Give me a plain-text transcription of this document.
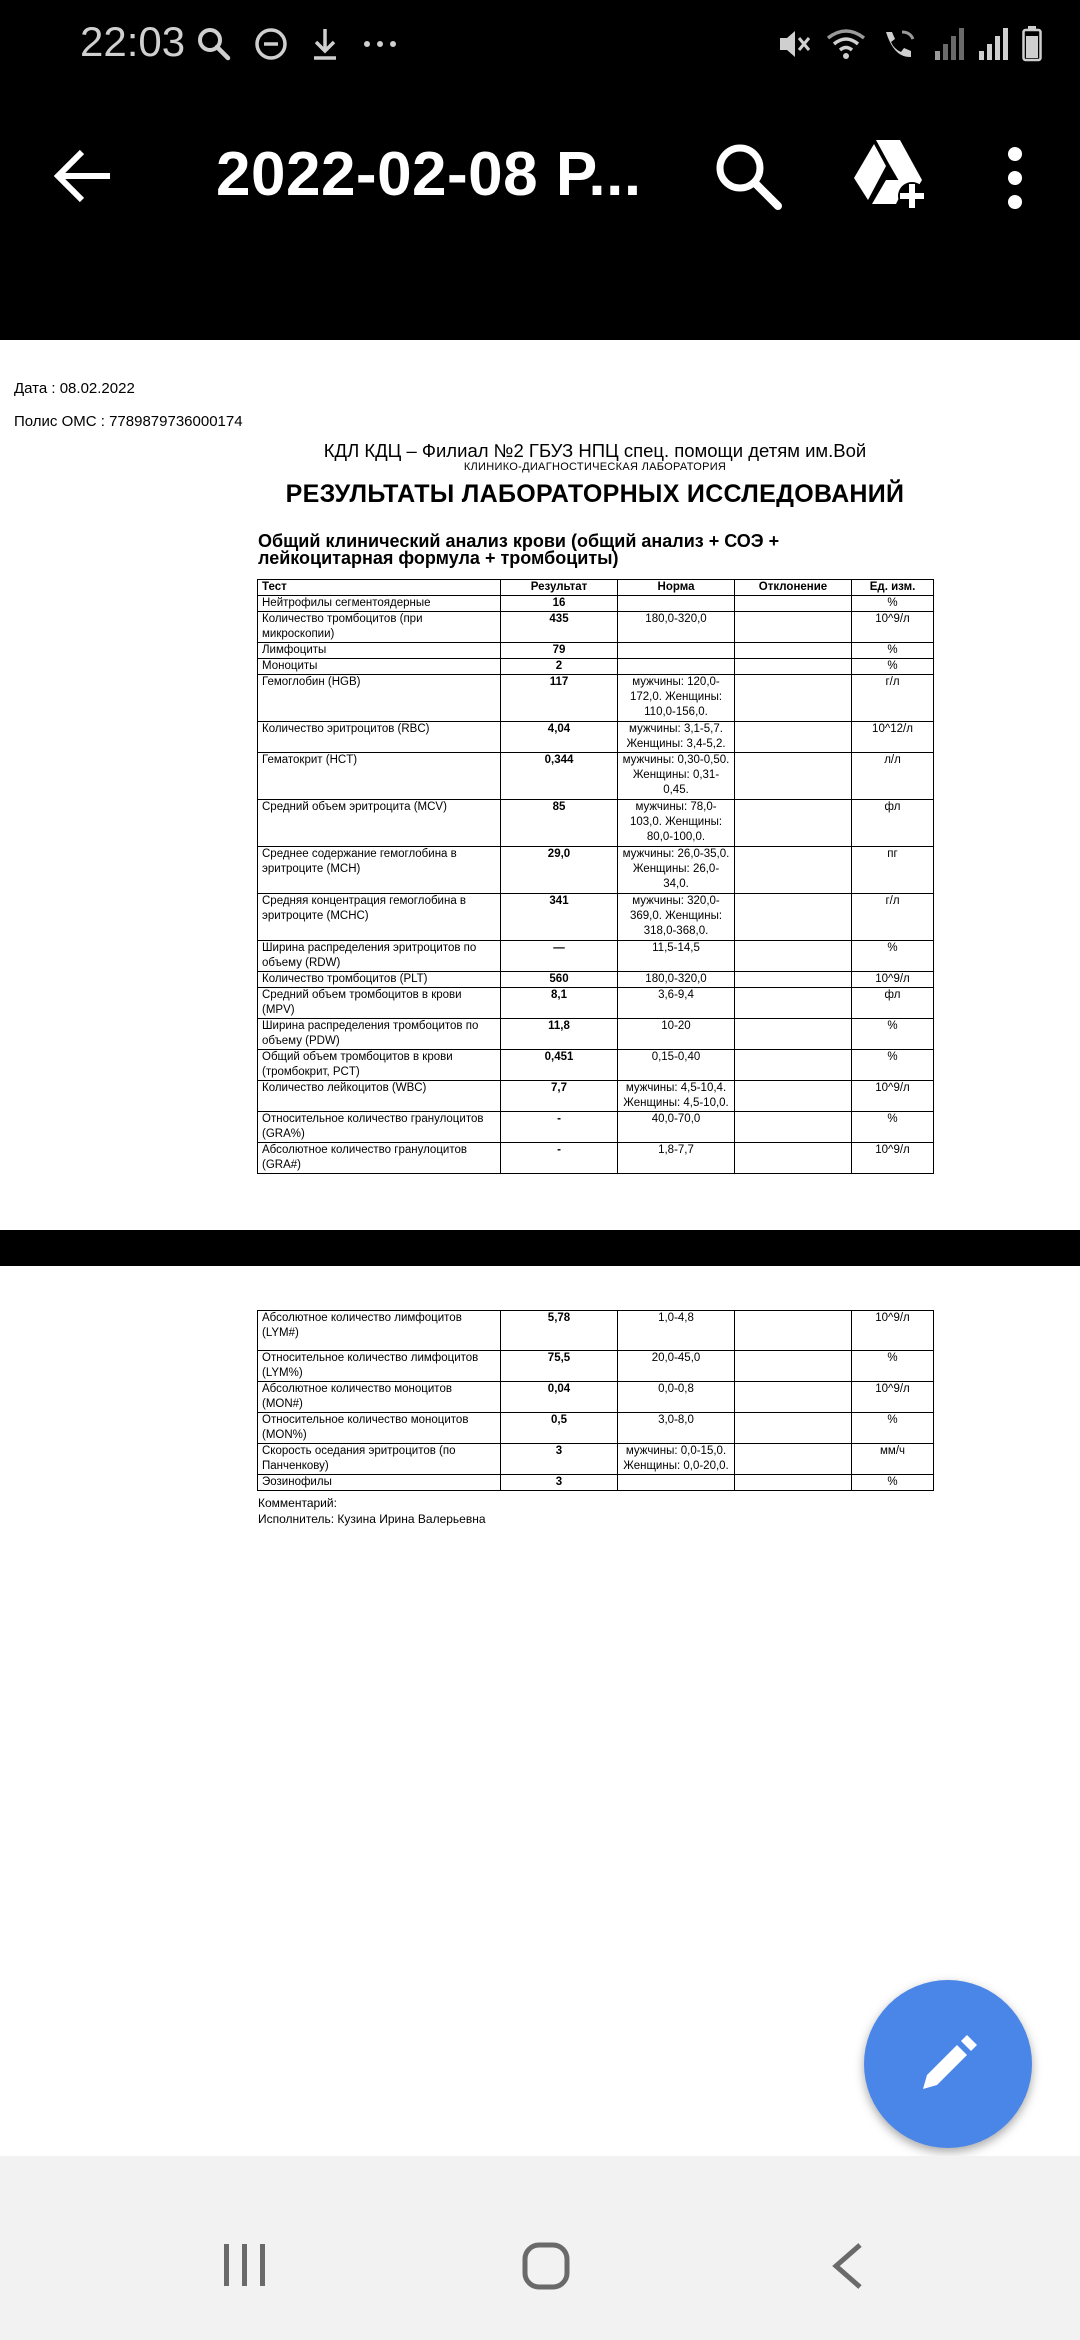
22:03
2022-02-08 Р...
Дата : 08.02.2022
Полис ОМС : 7789879736000174
КДЛ КДЦ – Филиал №2 ГБУЗ НПЦ спец. помощи детям им.Вой
КЛИНИКО-ДИАГНОСТИЧЕСКАЯ ЛАБОРАТОРИЯ
РЕЗУЛЬТАТЫ ЛАБОРАТОРНЫХ ИССЛЕДОВАНИЙ
Общий клинический анализ крови (общий анализ + СОЭ +
лейкоцитарная формула + тромбоциты)
Тест	Результат	Норма	Отклонение	Ед. изм.
Нейтрофилы сегментоядерные	16			%
Количество тромбоцитов (при микроскопии)	435	180,0-320,0		10^9/л
Лимфоциты	79			%
Моноциты	2			%
Гемоглобин (HGB)	117	мужчины: 120,0-172,0. Женщины: 110,0-156,0.		г/л
Количество эритроцитов (RBC)	4,04	мужчины: 3,1-5,7. Женщины: 3,4-5,2.		10^12/л
Гематокрит (HCT)	0,344	мужчины: 0,30-0,50. Женщины: 0,31-0,45.		л/л
Средний объем эритроцита (MCV)	85	мужчины: 78,0-103,0. Женщины: 80,0-100,0.		фл
Среднее содержание гемоглобина в эритроците (MCH)	29,0	мужчины: 26,0-35,0. Женщины: 26,0-34,0.		пг
Средняя концентрация гемоглобина в эритроците (MCHC)	341	мужчины: 320,0-369,0. Женщины: 318,0-368,0.		г/л
Ширина распределения эритроцитов по объему (RDW)	—	11,5-14,5		%
Количество тромбоцитов (PLT)	560	180,0-320,0		10^9/л
Средний объем тромбоцитов в крови (MPV)	8,1	3,6-9,4		фл
Ширина распределения тромбоцитов по объему (PDW)	11,8	10-20		%
Общий объем тромбоцитов в крови (тромбокрит, PCT)	0,451	0,15-0,40		%
Количество лейкоцитов (WBC)	7,7	мужчины: 4,5-10,4. Женщины: 4,5-10,0.		10^9/л
Относительное количество гранулоцитов (GRA%)	-	40,0-70,0		%
Абсолютное количество гранулоцитов (GRA#)	-	1,8-7,7		10^9/л
Абсолютное количество лимфоцитов (LYM#)	5,78	1,0-4,8		10^9/л
Относительное количество лимфоцитов (LYM%)	75,5	20,0-45,0		%
Абсолютное количество моноцитов (MON#)	0,04	0,0-0,8		10^9/л
Относительное количество моноцитов (MON%)	0,5	3,0-8,0		%
Скорость оседания эритроцитов (по Панченкову)	3	мужчины: 0,0-15,0. Женщины: 0,0-20,0.		мм/ч
Эозинофилы	3			%
Комментарий:
Исполнитель: Кузина Ирина Валерьевна
